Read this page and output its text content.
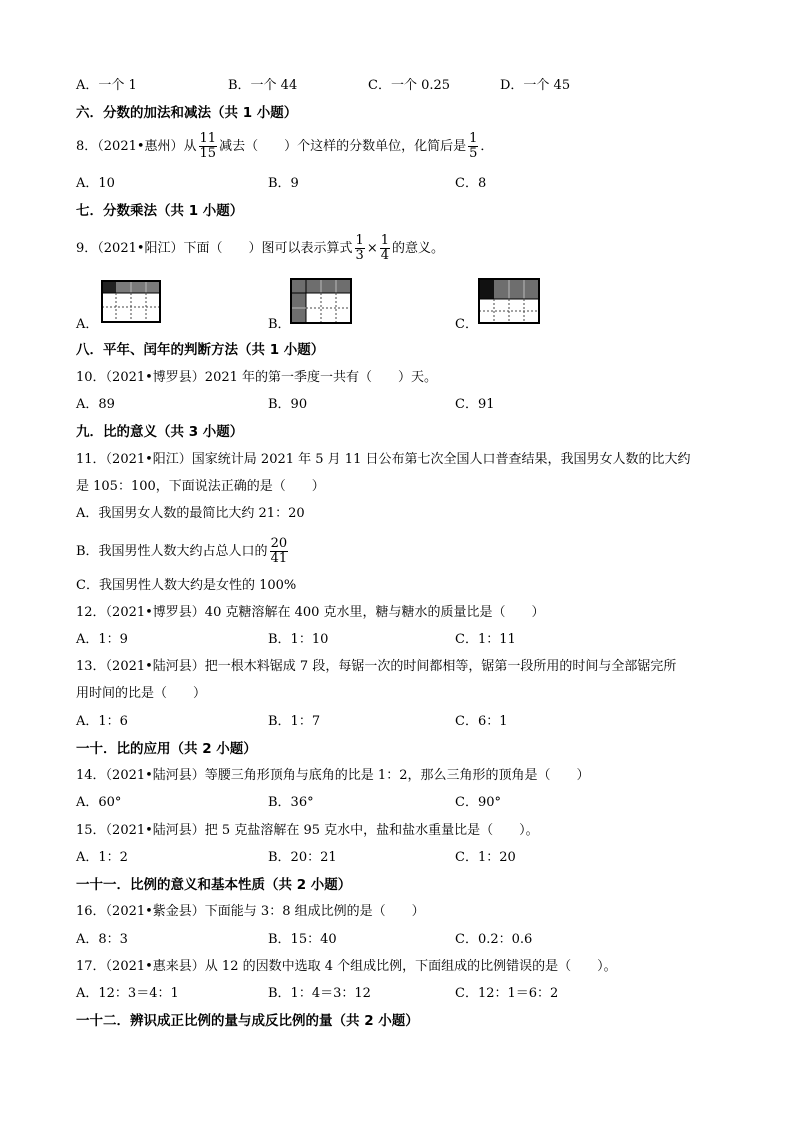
A．一个 1	B．一个 44	C．一个 0.25	D．一个 45
六．分数的加法和减法（共 1 小题）
8．（2021•惠州）从 $\frac{11}{15}$ 减去（　　）个这样的分数单位，化简后是 $\frac{1}{5}$ ．
A．10	B．9	C．8
七．分数乘法（共 1 小题）
9．（2021•阳江）下面（　　）图可以表示算式 $\frac{1}{3} \times \frac{1}{4}$ 的意义。
A．	B．	C．
八．平年、闰年的判断方法（共 1 小题）
10．（2021•博罗县）2021 年的第一季度一共有（　　）天。
A．89	B．90	C．91
九．比的意义（共 3 小题）
11．（2021•阳江）国家统计局 2021 年 5 月 11 日公布第七次全国人口普查结果，我国男女人数的比大约
是 105：100，下面说法正确的是（　　）
A．我国男女人数的最简比大约 21：20
B．我国男性人数大约占总人口的 $\frac{20}{41}$
C．我国男性人数大约是女性的 100%
12．（2021•博罗县）40 克糖溶解在 400 克水里，糖与糖水的质量比是（　　）
A．1：9	B．1：10	C．1：11
13．（2021•陆河县）把一根木料锯成 7 段，每锯一次的时间都相等，锯第一段所用的时间与全部锯完所
用时间的比是（　　）
A．1：6	B．1：7	C．6：1
一十．比的应用（共 2 小题）
14．（2021•陆河县）等腰三角形顶角与底角的比是 1：2，那么三角形的顶角是（　　）
A．60°	B．36°	C．90°
15．（2021•陆河县）把 5 克盐溶解在 95 克水中，盐和盐水重量比是（　　）。
A．1：2	B．20：21	C．1：20
一十一．比例的意义和基本性质（共 2 小题）
16．（2021•紫金县）下面能与 3：8 组成比例的是（　　）
A．8：3	B．15：40	C．0.2：0.6
17．（2021•惠来县）从 12 的因数中选取 4 个组成比例，下面组成的比例错误的是（　　）。
A．12：3＝4：1	B．1：4＝3：12	C．12：1＝6：2
一十二．辨识成正比例的量与成反比例的量（共 2 小题）
